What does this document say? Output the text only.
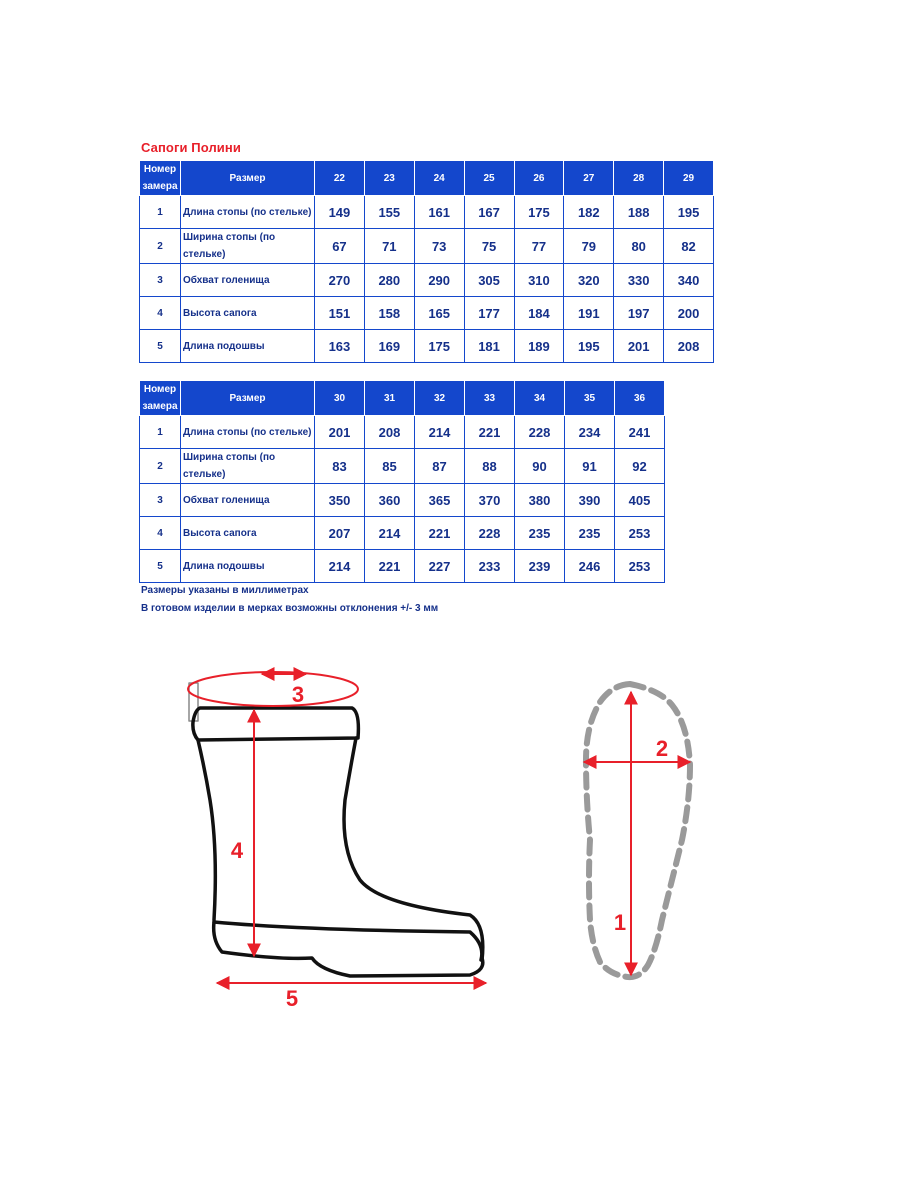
Сапоги Полини
Номер замера	Размер	22	23	24	25	26	27	28	29
1	Длина стопы (по стельке)	149	155	161	167	175	182	188	195
2	Ширина стопы (по стельке)	67	71	73	75	77	79	80	82
3	Обхват голенища	270	280	290	305	310	320	330	340
4	Высота сапога	151	158	165	177	184	191	197	200
5	Длина подошвы	163	169	175	181	189	195	201	208
Номер замера	Размер	30	31	32	33	34	35	36
1	Длина стопы (по стельке)	201	208	214	221	228	234	241
2	Ширина стопы (по стельке)	83	85	87	88	90	91	92
3	Обхват голенища	350	360	365	370	380	390	405
4	Высота сапога	207	214	221	228	235	235	253
5	Длина подошвы	214	221	227	233	239	246	253
Размеры указаны в миллиметрах
В готовом изделии в мерках возможны отклонения +/- 3 мм
3
4
5
1
2
